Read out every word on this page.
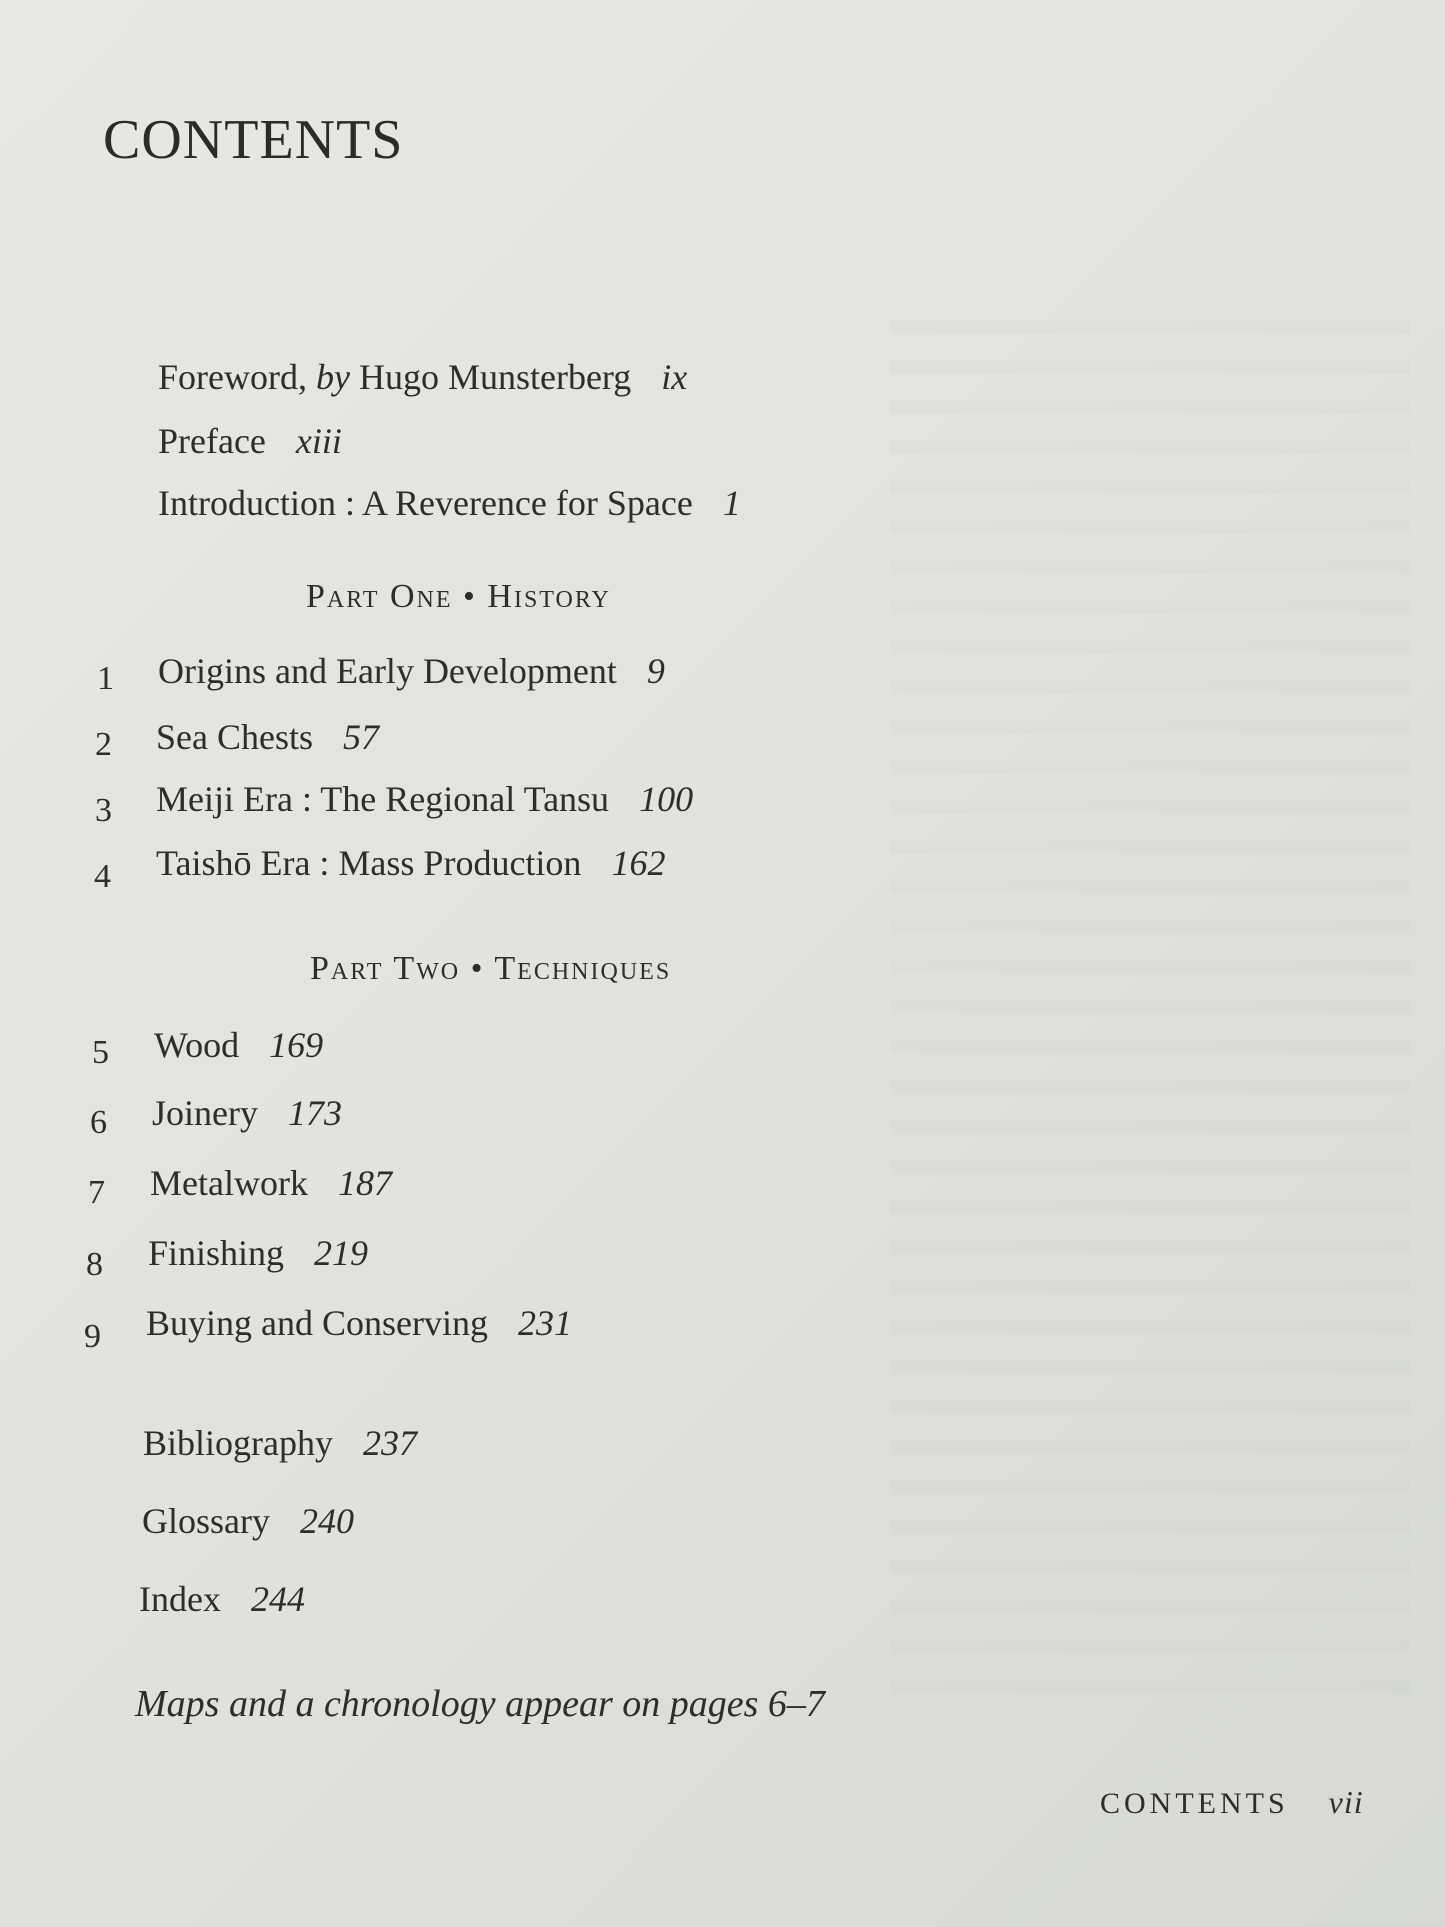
CONTENTS
Foreword, by Hugo Munsterberg ix
Preface xiii
Introduction : A Reverence for Space 1
Part One • History
1 Origins and Early Development 9
2 Sea Chests 57
3 Meiji Era : The Regional Tansu 100
4 Taishō Era : Mass Production 162
Part Two • Techniques
5 Wood 169
6 Joinery 173
7 Metalwork 187
8 Finishing 219
9 Buying and Conserving 231
Bibliography 237
Glossary 240
Index 244
Maps and a chronology appear on pages 6–7
CONTENTS vii
